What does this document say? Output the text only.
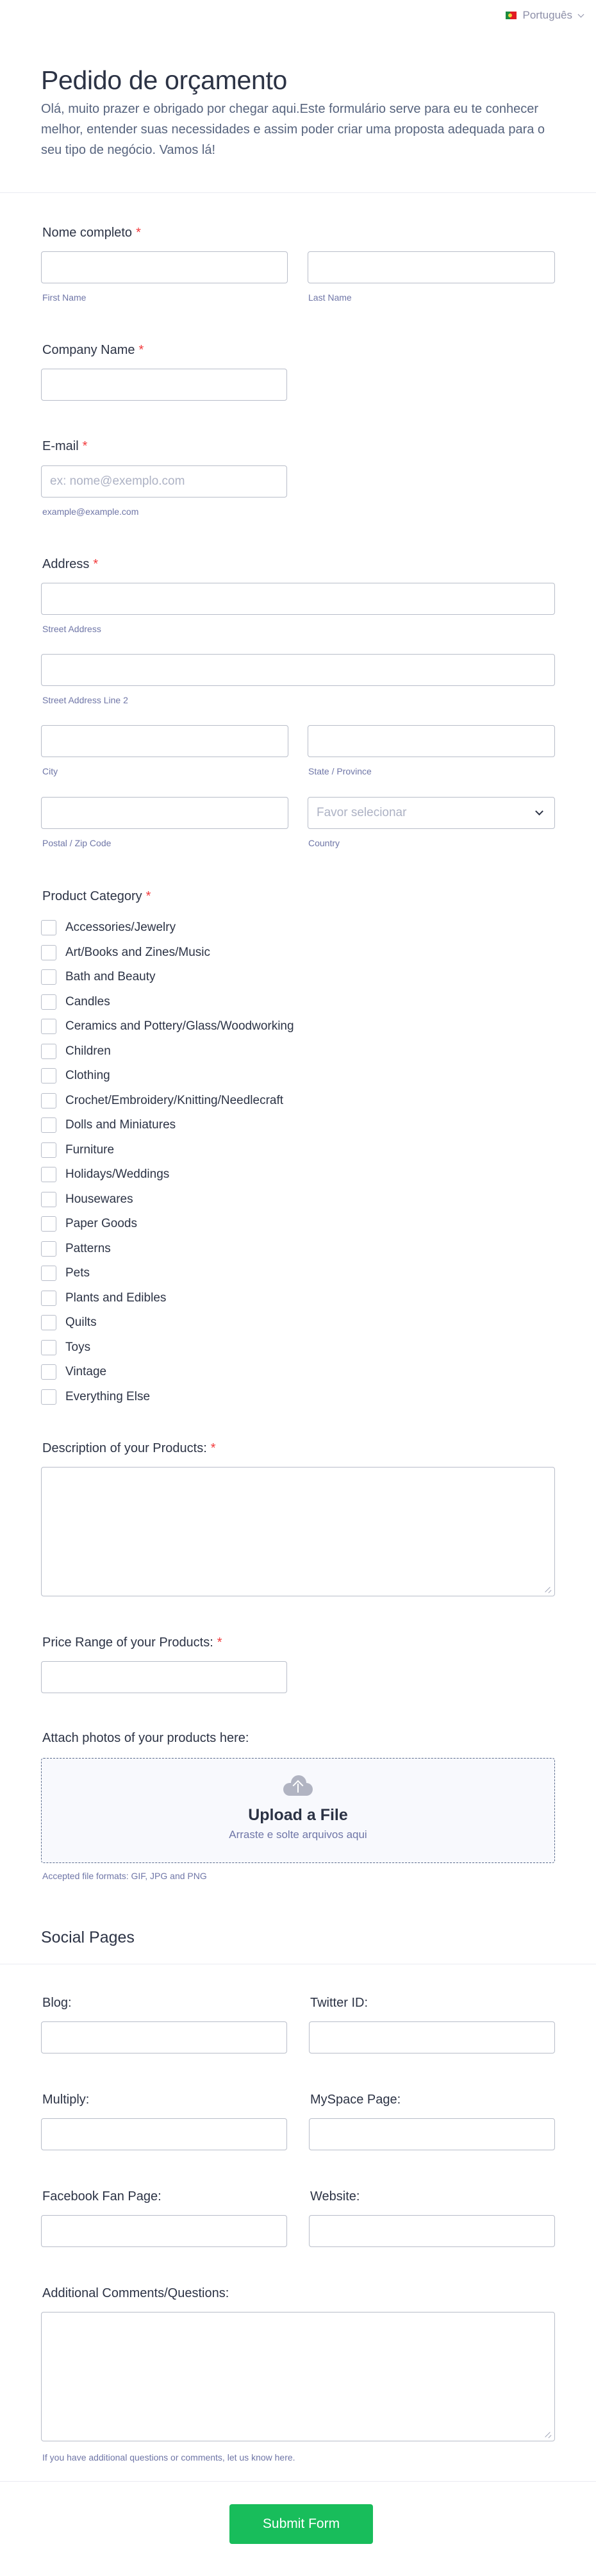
Português
Pedido de orçamento

Olá, muito prazer e obrigado por chegar aqui.Este formulário serve para eu te conhecer melhor, entender suas necessidades e assim poder criar uma proposta adequada para o seu tipo de negócio. Vamos lá!

Nome completo *
First Name	Last Name
Company Name *
E-mail *
ex: nome@exemplo.com
example@example.com
Address *
Street Address
Street Address Line 2
City	State / Province
Favor selecionar
Postal / Zip Code	Country
Product Category *
Accessories/Jewelry
Art/Books and Zines/Music
Bath and Beauty
Candles
Ceramics and Pottery/Glass/Woodworking
Children
Clothing
Crochet/Embroidery/Knitting/Needlecraft
Dolls and Miniatures
Furniture
Holidays/Weddings
Housewares
Paper Goods
Patterns
Pets
Plants and Edibles
Quilts
Toys
Vintage
Everything Else
Description of your Products: *
Price Range of your Products: *
Attach photos of your products here:
Upload a File
Arraste e solte arquivos aqui
Accepted file formats: GIF, JPG and PNG
Social Pages
Blog:	Twitter ID:
Multiply:	MySpace Page:
Facebook Fan Page:	Website:
Additional Comments/Questions:
If you have additional questions or comments, let us know here.
Submit Form
